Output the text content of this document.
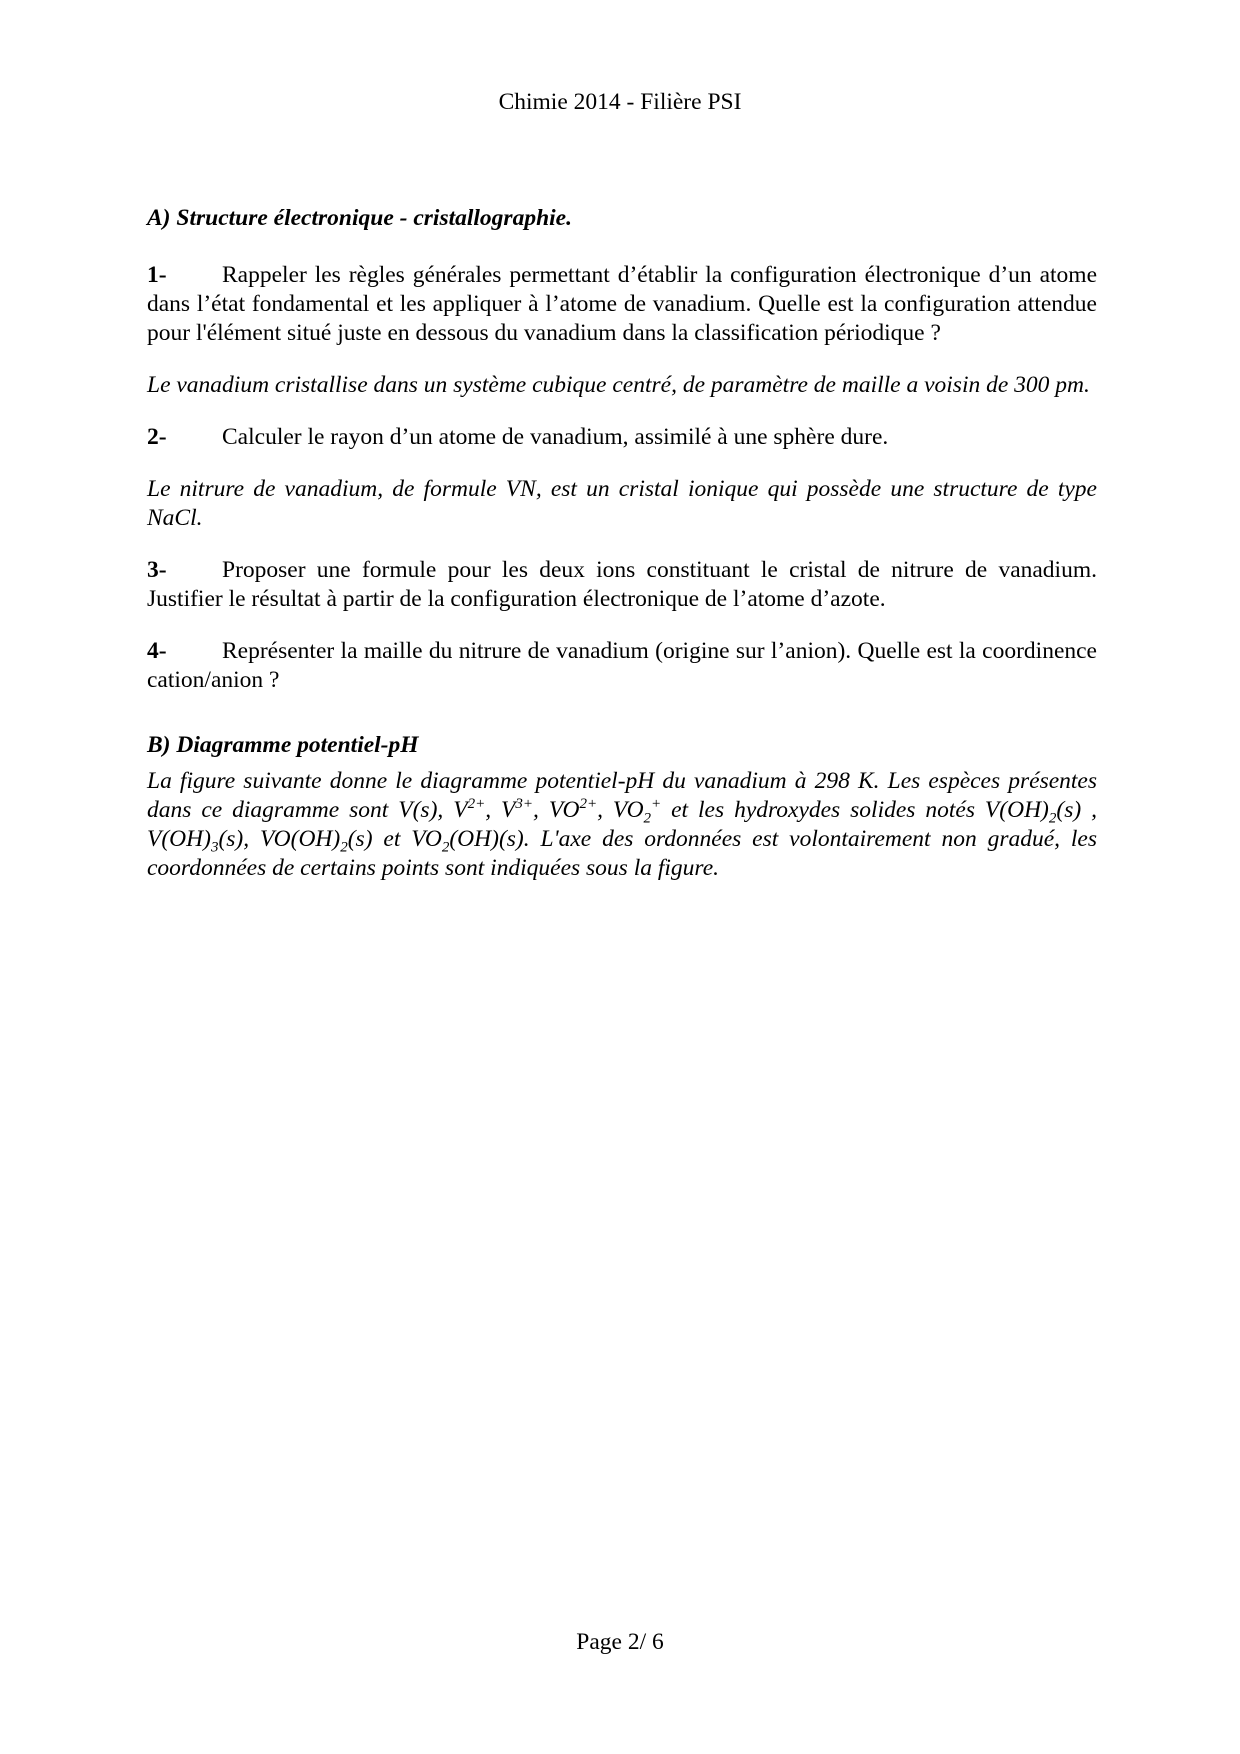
Chimie 2014 - Filière PSI

A) Structure électronique - cristallographie.

1- Rappeler les règles générales permettant d’établir la configuration électronique d’un atome dans l’état fondamental et les appliquer à l’atome de vanadium. Quelle est la configuration attendue pour l'élément situé juste en dessous du vanadium dans la classification périodique ?

Le vanadium cristallise dans un système cubique centré, de paramètre de maille a voisin de 300 pm.

2- Calculer le rayon d’un atome de vanadium, assimilé à une sphère dure.

Le nitrure de vanadium, de formule VN, est un cristal ionique qui possède une structure de type NaCl.

3- Proposer une formule pour les deux ions constituant le cristal de nitrure de vanadium. Justifier le résultat à partir de la configuration électronique de l’atome d’azote.

4- Représenter la maille du nitrure de vanadium (origine sur l’anion). Quelle est la coordinence cation/anion ?

B) Diagramme potentiel-pH

La figure suivante donne le diagramme potentiel-pH du vanadium à 298 K. Les espèces présentes dans ce diagramme sont V(s), $V^{2+}$, $V^{3+}$, $VO^{2+}$, $VO_2^+$ et les hydroxydes solides notés $V(OH)_2(s)$ , $V(OH)_3(s)$, $VO(OH)_2(s)$ et $VO_2(OH)(s)$. L'axe des ordonnées est volontairement non gradué, les coordonnées de certains points sont indiquées sous la figure.

Page 2/ 6
